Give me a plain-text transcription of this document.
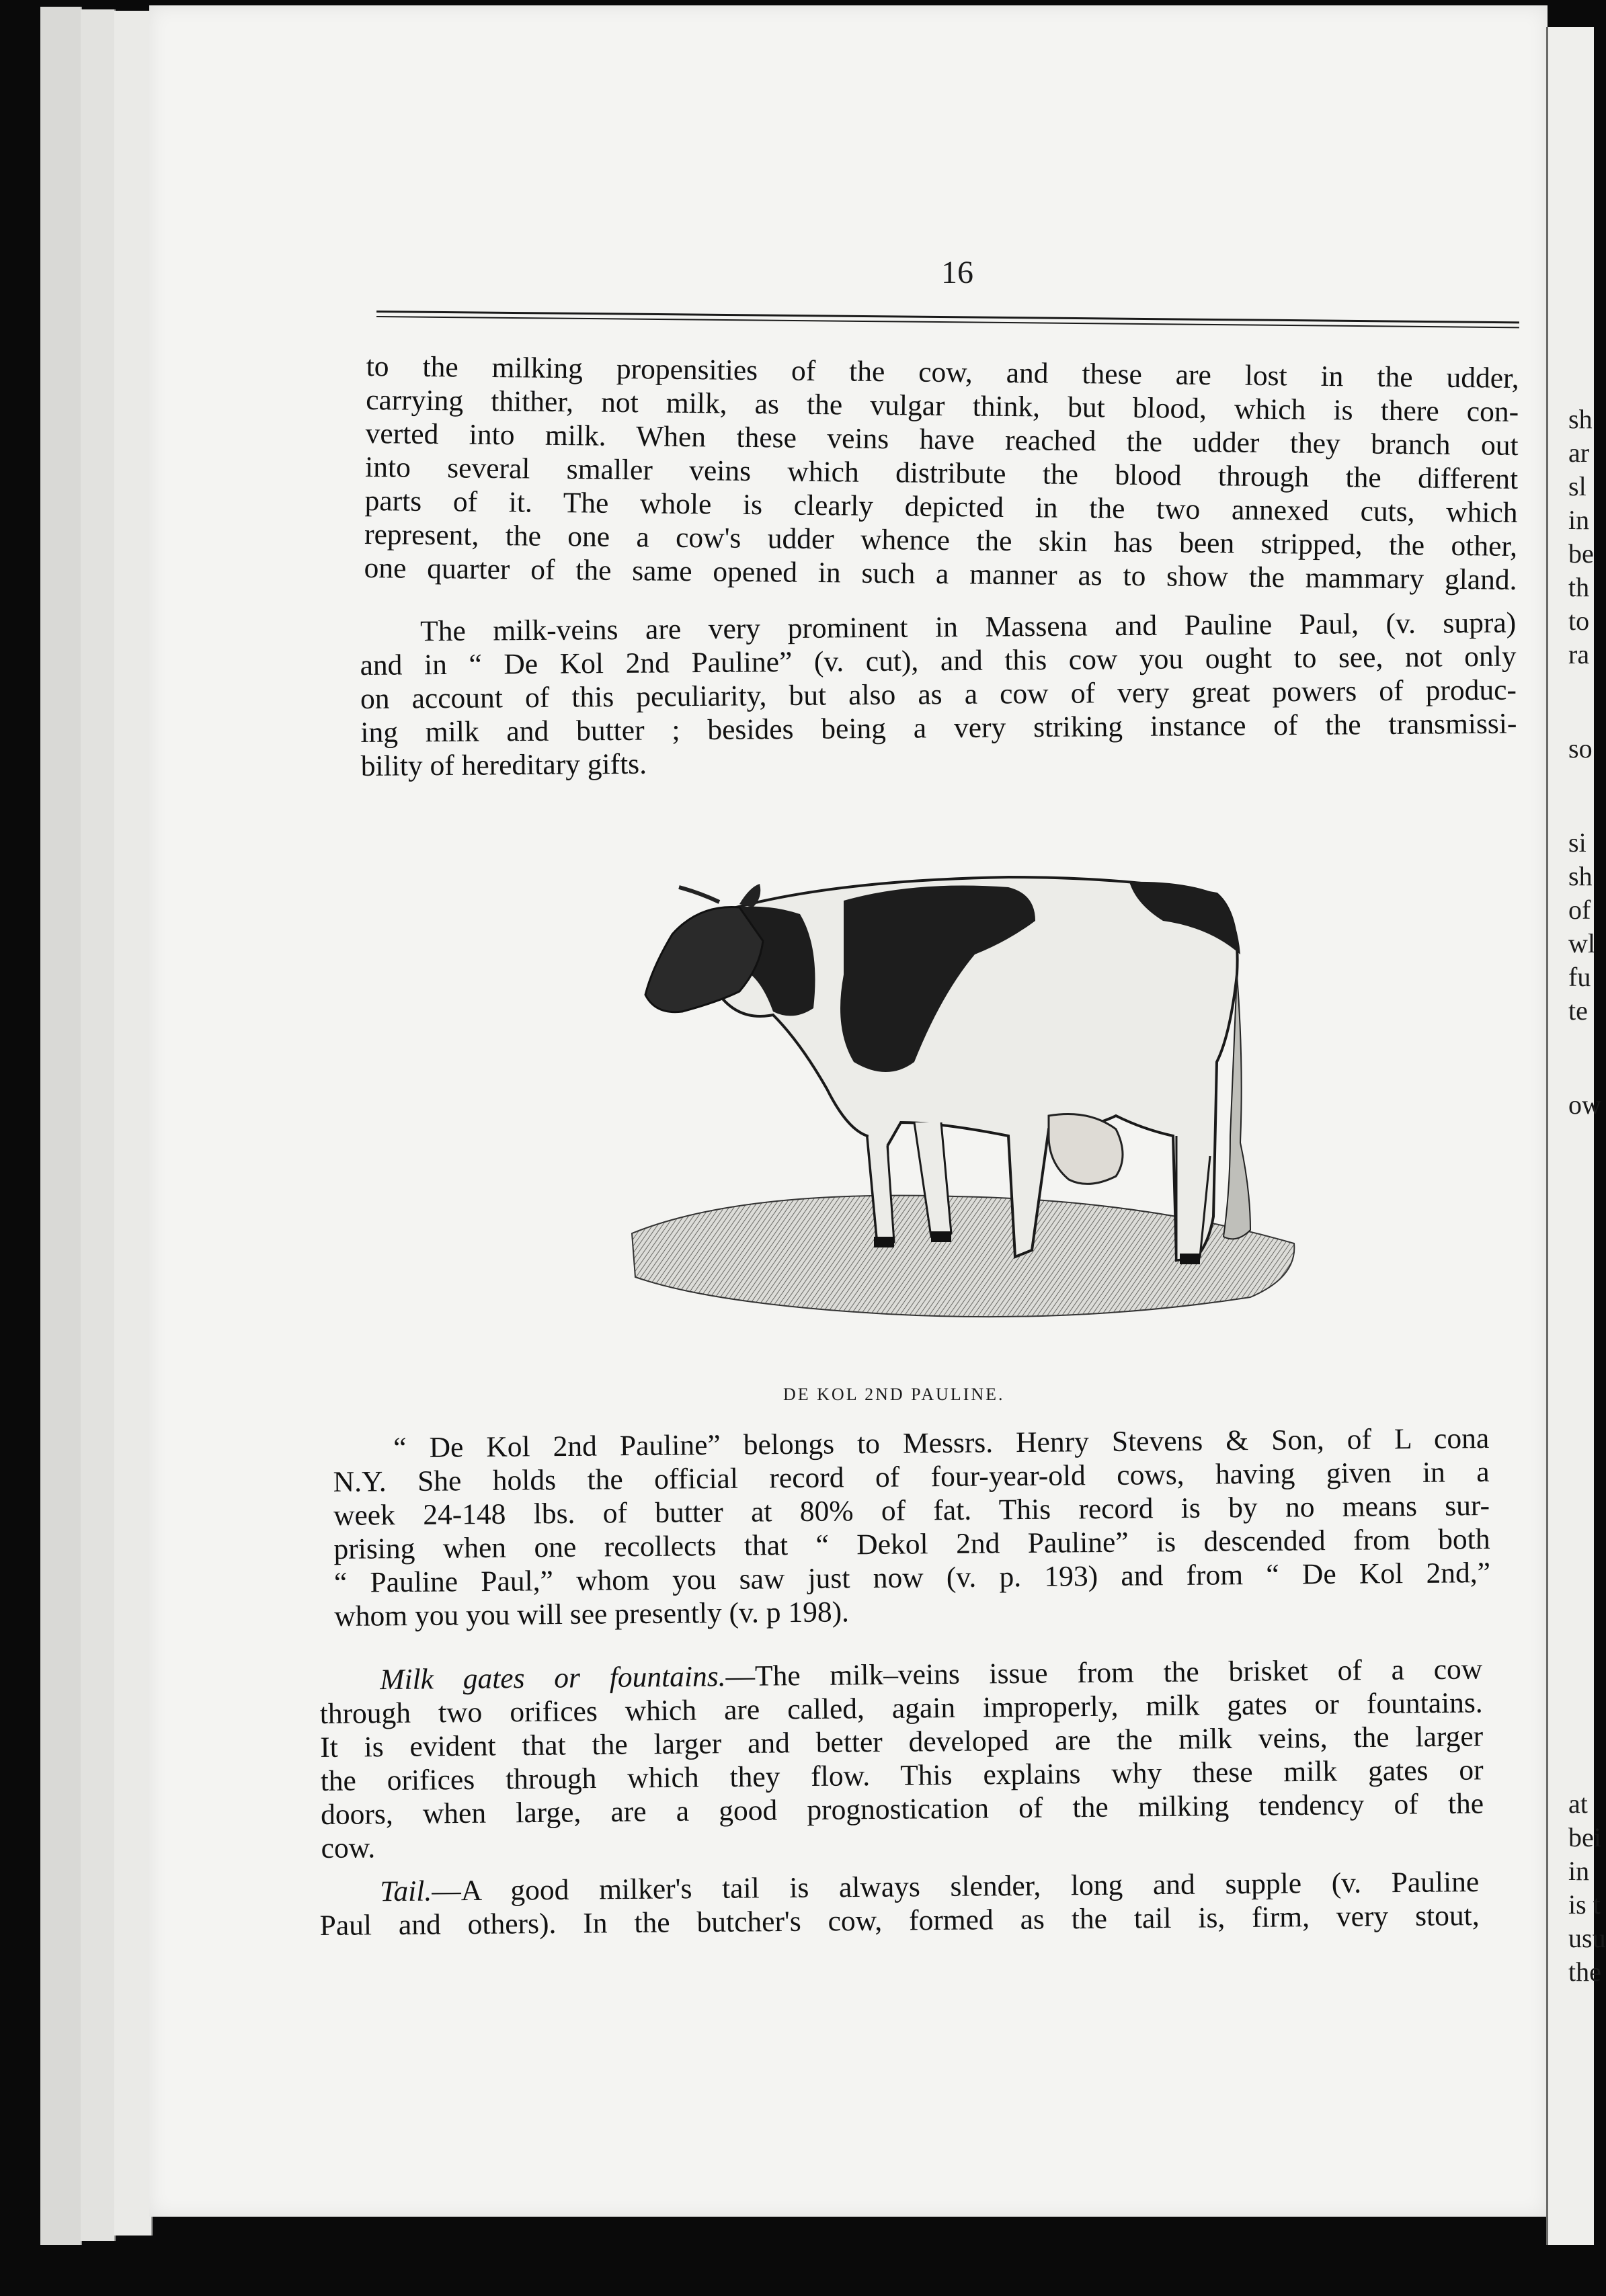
sh
ar
sl
in
be
th
to
ra
so
si
sh
of
wl
fu
te
ow
at
bei
in
is t
usu
the
16
to the milking propensities of the cow, and these are lost in the udder,
carrying thither, not milk, as the vulgar think, but blood, which is there con-
verted into milk. When these veins have reached the udder they branch out
into several smaller veins which distribute the blood through the different
parts of it. The whole is clearly depicted in the two annexed cuts, which
represent, the one a cow's udder whence the skin has been stripped, the other,
one quarter of the same opened in such a manner as to show the mammary gland.
The milk-veins are very prominent in Massena and Pauline Paul, (v. supra)
and in “ De Kol 2nd Pauline” (v. cut), and this cow you ought to see, not only
on account of this peculiarity, but also as a cow of very great powers of produc-
ing milk and butter ; besides being a very striking instance of the transmissi-
bility of hereditary gifts.
DE KOL 2ND PAULINE.
“ De Kol 2nd Pauline” belongs to Messrs. Henry Stevens & Son, of L cona
N.Y. She holds the official record of four-year-old cows, having given in a
week 24-148 lbs. of butter at 80% of fat. This record is by no means sur-
prising when one recollects that “ Dekol 2nd Pauline” is descended from both
“ Pauline Paul,” whom you saw just now (v. p. 193) and from “ De Kol 2nd,”
whom you you will see presently (v. p 198).
Milk gates or fountains.—The milk–veins issue from the brisket of a cow
through two orifices which are called, again improperly, milk gates or fountains.
It is evident that the larger and better developed are the milk veins, the larger
the orifices through which they flow. This explains why these milk gates or
doors, when large, are a good prognostication of the milking tendency of the
cow.
Tail.—A good milker's tail is always slender, long and supple (v. Pauline
Paul and others). In the butcher's cow, formed as the tail is, firm, very stout,
